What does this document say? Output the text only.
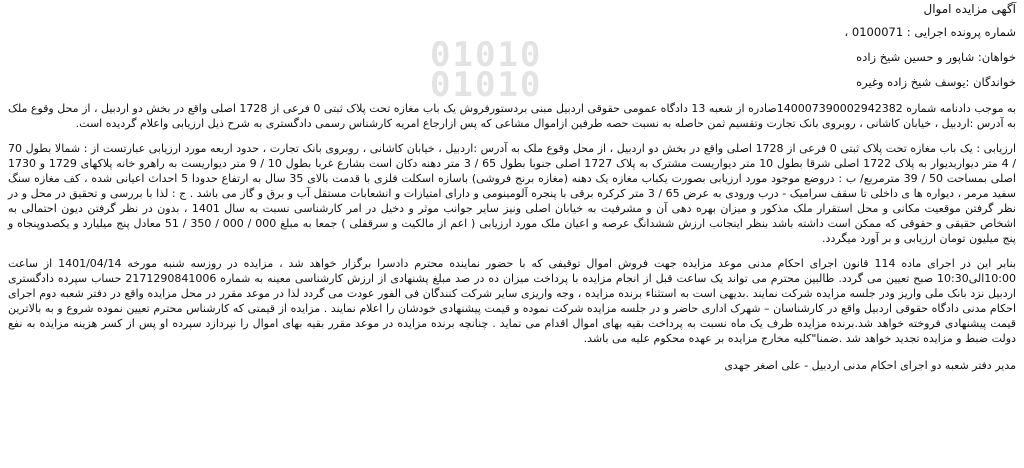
01010
01010

آگهی مزایده اموال

شماره پرونده اجرایی : 0100071 ،

خواهان: شاپور و حسین شیخ زاده

خواندگان :یوسف شیخ زاده وغیره

به موجب دادنامه شماره 140007390002942382صادره از شعبه 13 دادگاه عمومی حقوقی اردبیل مبنی بردستورفروش یک باب مغازه تحت پلاک ثبتی 0 فرعی از 1728 اصلی واقع در بخش دو اردبیل ، از محل وقوع ملک به آدرس :اردبیل ، خیابان کاشانی ، روبروی بانک تجارت وتقسیم ثمن حاصله به نسبت حصه طرفین ازاموال مشاعی که پس ازارجاع امریه کارشناس رسمی دادگستری به شرح ذیل ارزیابی واعلام گردیده است.

ارزیابی : یک باب مغازه تحت پلاک ثبتی 0 فرعی از 1728 اصلی واقع در بخش دو اردبیل ، از محل وقوع ملک به آدرس :اردبیل ، خیابان کاشانی ، روبروی بانک تجارت ، حدود اربعه مورد ارزیابی عبارتست از : شمالا بطول 70 / 4 متر دیواربدیوار به پلاک 1722 اصلی شرقا بطول 10 متر دیواریست مشترک به پلاک 1727 اصلی جنوبا بطول 65 / 3 متر دهنه دکان است بشارع غربا بطول 10 / 9 متر دیواریست به راهرو خانه پلاکهای 1729 و 1730 اصلی بمساحت 50 / 39 مترمربع/ ب : دروضع موجود مورد ارزیابی بصورت یکباب مغازه یک دهنه (مغازه برنج فروشی) باسازه اسکلت فلزی با قدمت بالای 35 سال به ارتفاع حدودا 5 احداث اعیانی شده ، کف مغازه سنگ سفید مرمر ، دیواره ها ی داخلی تا سقف سرامیک - درب ورودی به عرض 65 / 3 متر کرکره برقی با پنجره آلومینومی و دارای امتیازات و انشعابات مستقل آب و برق و گاز می باشد . ج : لذا با بررسی و تحقیق در محل و در نظر گرفتن موقعیت مکانی و محل استقرار ملک مذکور و میزان بهره دهی آن و مشرفیت به خیابان اصلی ونیز سایر جوانب موثر و دخیل در امر کارشناسی نسبت به سال 1401 ، بدون در نظر گرفتن دیون احتمالی به اشخاص حقیقی و حقوقی که ممکن است داشته باشد بنظر اینجانب ارزش ششدانگ عرصه و اعیان ملک مورد ارزیابی ( اعم از مالکیت و سرقفلی ) جمعا به مبلغ 000 / 000 / 350 / 51 معادل پنج میلیارد و یکصدوپنجاه و پنج میلیون تومان ارزیابی و بر آورد میگردد.

بنابر این در اجرای ماده 114 قانون اجرای احکام مدنی موعد مزایده جهت فروش اموال توقیفی که با حضور نماینده محترم دادسرا برگزار خواهد شد ، مزایده در روزسه شنبه مورخه 1401/04/14 از ساعت 10:00الی10:30 صبح تعیین می گردد. طالبین محترم می تواند یک ساعت قبل از انجام مزایده با پرداخت میزان ده در صد مبلغ پشنهادی از ارزش کارشناسی معینه به شماره 2171290841006 حساب سپرده دادگستری اردبیل نزد بانک ملی واریز ودر جلسه مزایده شرکت نمایند .بدیهی است به استثناء برنده مزایده ، وجه واریزی سایر شرکت کنندگان فی الفور عودت می گردد لذا در موعد مقرر در محل مزایده واقع در دفتر شعبه دوم اجرای احکام مدنی دادگاه حقوقی اردبیل واقع در کارشناسان – شهرک اداری حاضر و در جلسه مزایده شرکت نموده و قیمت پیشنهادی خودشان را اعلام نمایند . مزایده از قیمتی که کارشناس محترم تعیین نموده شروع و به بالاترین قیمت پیشنهادی فروخته خواهد شد.برنده مزایده ظرف یک ماه نسبت به پرداخت بقیه بهای اموال اقدام می نماید . چنانچه برنده مزایده در موعد مقرر بقیه بهای اموال را نپردازد سپرده او پس از کسر هزینه مزایده به نفع دولت ضبط و مزایده تجدید خواهد شد .ضمنا"کلیه مخارج مزایده بر عهده محکوم علیه می باشد.

مدیر دفتر شعبه دو اجرای احکام مدنی اردبیل - علی اصغر جهدی
